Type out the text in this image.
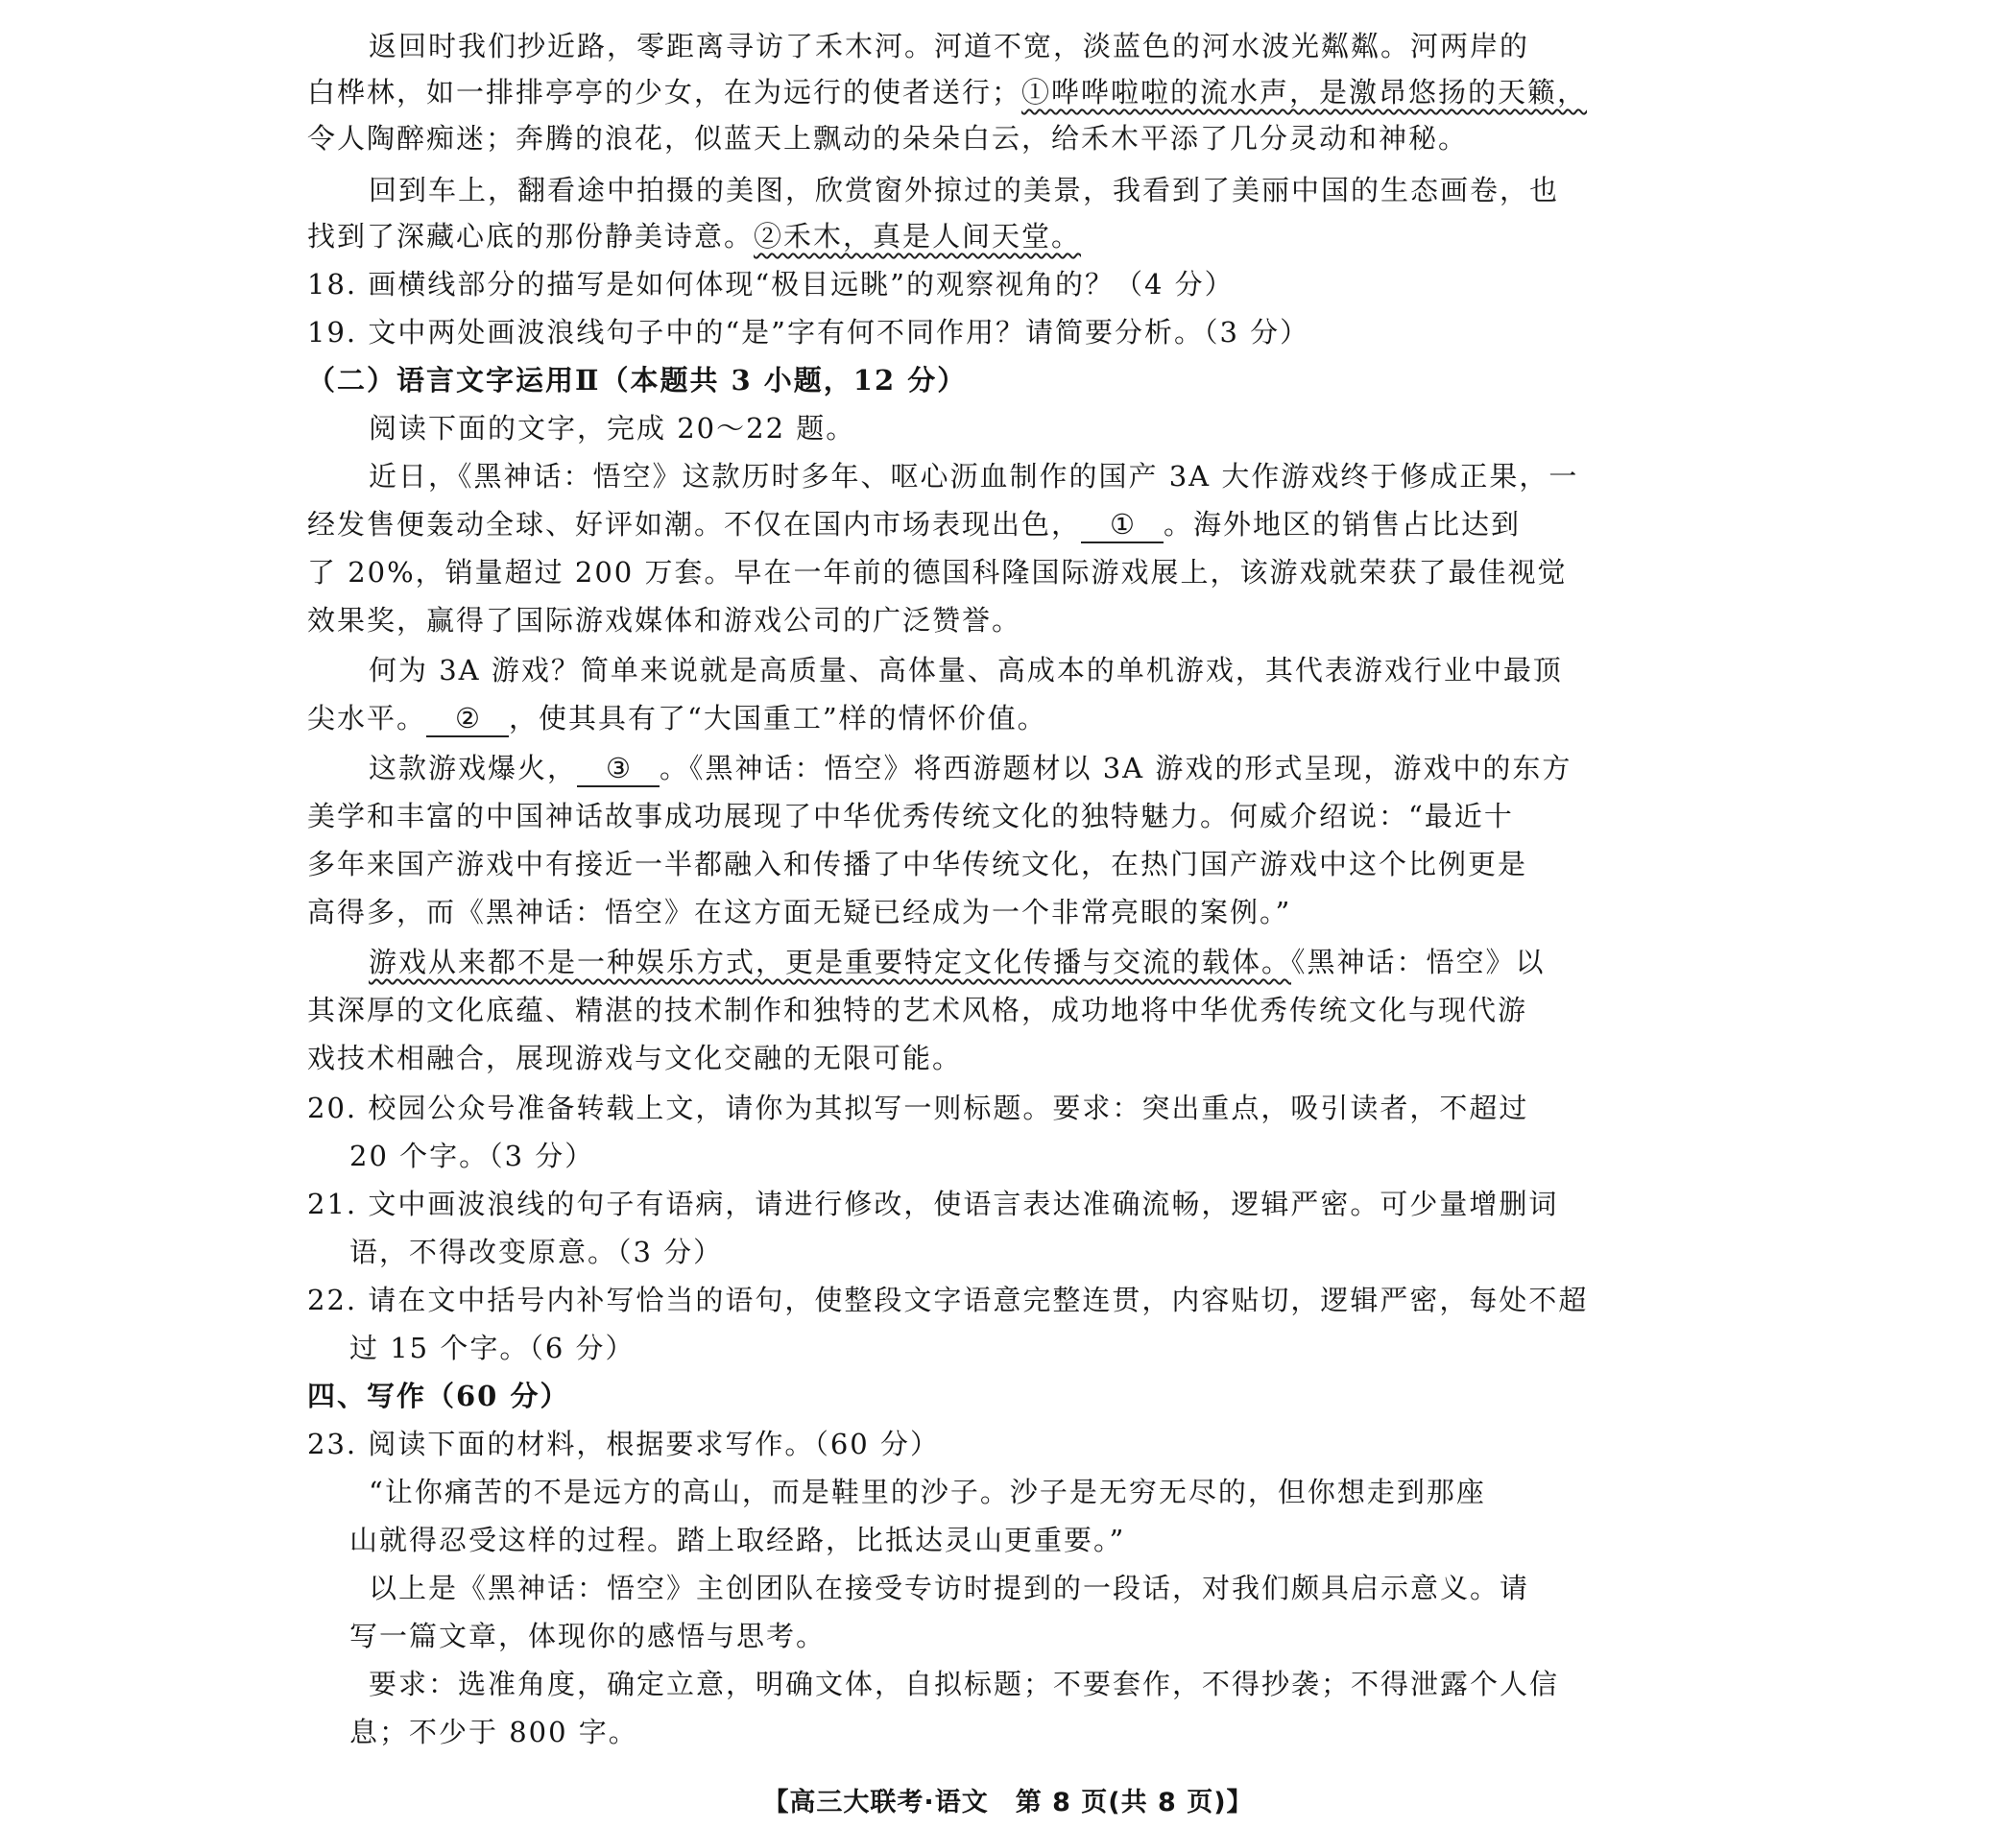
返回时我们抄近路，零距离寻访了禾木河。河道不宽，淡蓝色的河水波光粼粼。河两岸的
白桦林，如一排排亭亭的少女，在为远行的使者送行；①哗哗啦啦的流水声，是激昂悠扬的天籁，
令人陶醉痴迷；奔腾的浪花，似蓝天上飘动的朵朵白云，给禾木平添了几分灵动和神秘。
回到车上，翻看途中拍摄的美图，欣赏窗外掠过的美景，我看到了美丽中国的生态画卷，也
找到了深藏心底的那份静美诗意。②禾木，真是人间天堂。
18. 画横线部分的描写是如何体现“极目远眺”的观察视角的？（4 分）
19. 文中两处画波浪线句子中的“是”字有何不同作用？请简要分析。（3 分）
（二）语言文字运用Ⅱ（本题共 3 小题，12 分）
阅读下面的文字，完成 20～22 题。
近日，《黑神话：悟空》这款历时多年、呕心沥血制作的国产 3A 大作游戏终于修成正果，一
经发售便轰动全球、好评如潮。不仅在国内市场表现出色， ① 。海外地区的销售占比达到
了 20%，销量超过 200 万套。早在一年前的德国科隆国际游戏展上，该游戏就荣获了最佳视觉
效果奖，赢得了国际游戏媒体和游戏公司的广泛赞誉。
何为 3A 游戏？简单来说就是高质量、高体量、高成本的单机游戏，其代表游戏行业中最顶
尖水平。 ② ，使其具有了“大国重工”样的情怀价值。
这款游戏爆火， ③ 。《黑神话：悟空》将西游题材以 3A 游戏的形式呈现，游戏中的东方
美学和丰富的中国神话故事成功展现了中华优秀传统文化的独特魅力。何威介绍说：“最近十
多年来国产游戏中有接近一半都融入和传播了中华传统文化，在热门国产游戏中这个比例更是
高得多，而《黑神话：悟空》在这方面无疑已经成为一个非常亮眼的案例。”
游戏从来都不是一种娱乐方式，更是重要特定文化传播与交流的载体。《黑神话：悟空》以
其深厚的文化底蕴、精湛的技术制作和独特的艺术风格，成功地将中华优秀传统文化与现代游
戏技术相融合，展现游戏与文化交融的无限可能。
20. 校园公众号准备转载上文，请你为其拟写一则标题。要求：突出重点，吸引读者，不超过
20 个字。（3 分）
21. 文中画波浪线的句子有语病，请进行修改，使语言表达准确流畅，逻辑严密。可少量增删词
语，不得改变原意。（3 分）
22. 请在文中括号内补写恰当的语句，使整段文字语意完整连贯，内容贴切，逻辑严密，每处不超
过 15 个字。（6 分）
四、写作（60 分）
23. 阅读下面的材料，根据要求写作。（60 分）
“让你痛苦的不是远方的高山，而是鞋里的沙子。沙子是无穷无尽的，但你想走到那座
山就得忍受这样的过程。踏上取经路，比抵达灵山更重要。”
以上是《黑神话：悟空》主创团队在接受专访时提到的一段话，对我们颇具启示意义。请
写一篇文章，体现你的感悟与思考。
要求：选准角度，确定立意，明确文体，自拟标题；不要套作，不得抄袭；不得泄露个人信
息；不少于 800 字。
【高三大联考·语文　第 8 页(共 8 页)】
